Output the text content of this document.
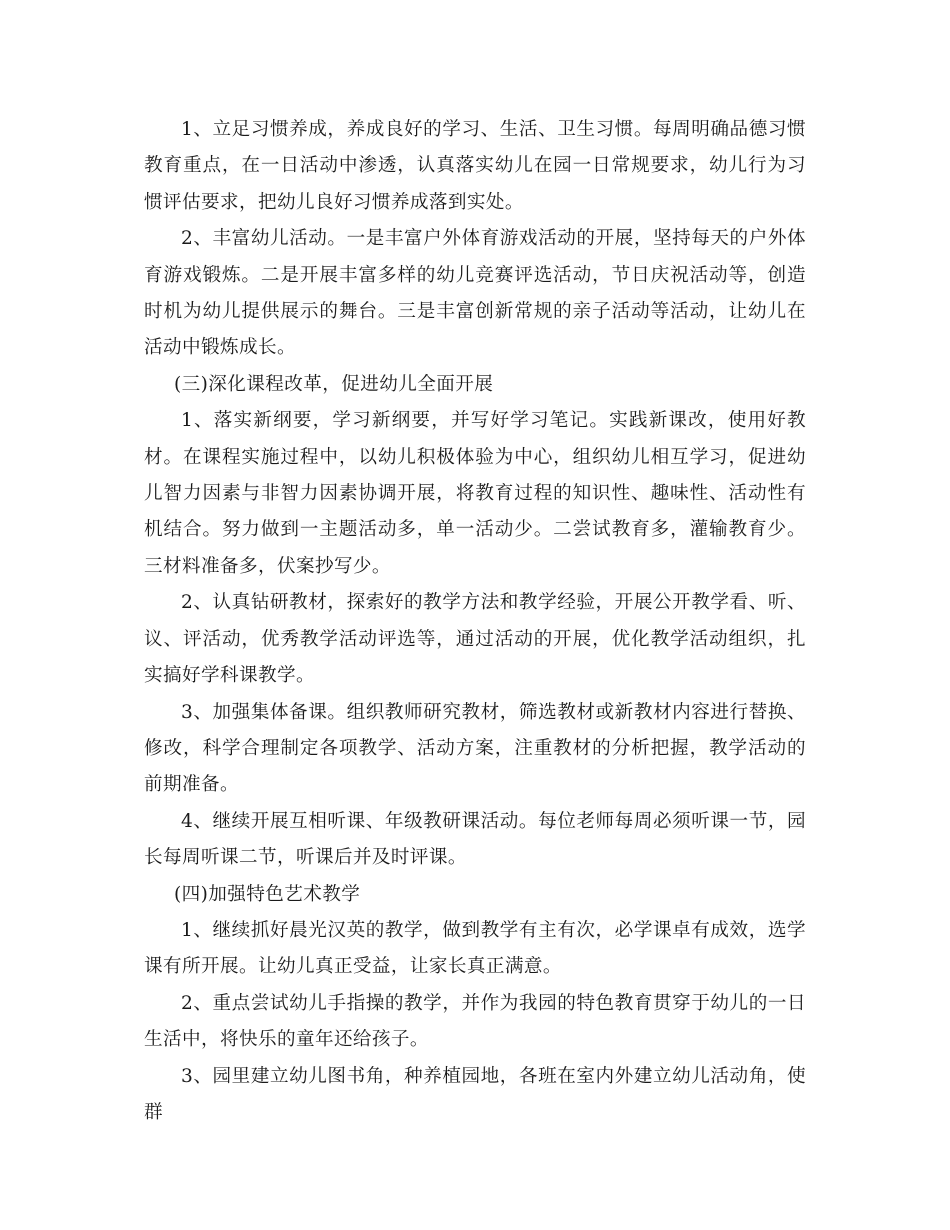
1、立足习惯养成，养成良好的学习、生活、卫生习惯。每周明确品德习惯教育重点，在一日活动中渗透，认真落实幼儿在园一日常规要求，幼儿行为习惯评估要求，把幼儿良好习惯养成落到实处。

2、丰富幼儿活动。一是丰富户外体育游戏活动的开展，坚持每天的户外体育游戏锻炼。二是开展丰富多样的幼儿竞赛评选活动，节日庆祝活动等，创造时机为幼儿提供展示的舞台。三是丰富创新常规的亲子活动等活动，让幼儿在活动中锻炼成长。

(三)深化课程改革，促进幼儿全面开展

1、落实新纲要，学习新纲要，并写好学习笔记。实践新课改，使用好教材。在课程实施过程中，以幼儿积极体验为中心，组织幼儿相互学习，促进幼儿智力因素与非智力因素协调开展，将教育过程的知识性、趣味性、活动性有机结合。努力做到一主题活动多，单一活动少。二尝试教育多，灌输教育少。三材料准备多，伏案抄写少。

2、认真钻研教材，探索好的教学方法和教学经验，开展公开教学看、听、议、评活动，优秀教学活动评选等，通过活动的开展，优化教学活动组织，扎实搞好学科课教学。

3、加强集体备课。组织教师研究教材，筛选教材或新教材内容进行替换、修改，科学合理制定各项教学、活动方案，注重教材的分析把握，教学活动的前期准备。

4、继续开展互相听课、年级教研课活动。每位老师每周必须听课一节，园长每周听课二节，听课后并及时评课。

(四)加强特色艺术教学

1、继续抓好晨光汉英的教学，做到教学有主有次，必学课卓有成效，选学课有所开展。让幼儿真正受益，让家长真正满意。

2、重点尝试幼儿手指操的教学，并作为我园的特色教育贯穿于幼儿的一日生活中，将快乐的童年还给孩子。

3、园里建立幼儿图书角，种养植园地，各班在室内外建立幼儿活动角，使群
